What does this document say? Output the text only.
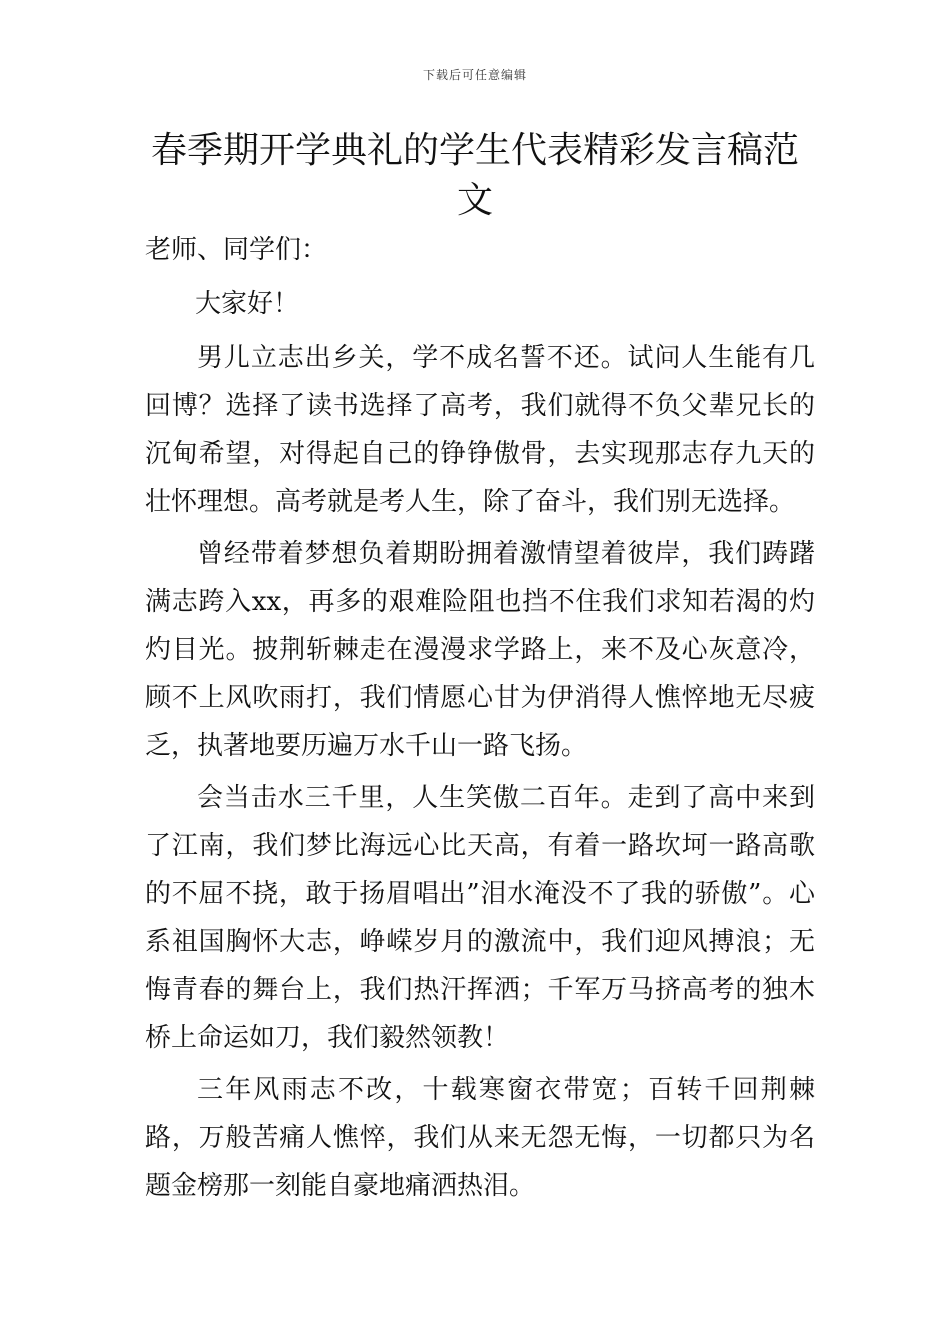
下载后可任意编辑
春季期开学典礼的学生代表精彩发言稿范文

老师、同学们：

大家好！

男儿立志出乡关，学不成名誓不还。试问人生能有几回博？选择了读书选择了高考，我们就得不负父辈兄长的沉甸希望，对得起自己的铮铮傲骨，去实现那志存九天的壮怀理想。高考就是考人生，除了奋斗，我们别无选择。

曾经带着梦想负着期盼拥着激情望着彼岸，我们踌躇满志跨入xx，再多的艰难险阻也挡不住我们求知若渴的灼灼目光。披荆斩棘走在漫漫求学路上，来不及心灰意冷，顾不上风吹雨打，我们情愿心甘为伊消得人憔悴地无尽疲乏，执著地要历遍万水千山一路飞扬。

会当击水三千里，人生笑傲二百年。走到了高中来到了江南，我们梦比海远心比天高，有着一路坎坷一路高歌的不屈不挠，敢于扬眉唱出”泪水淹没不了我的骄傲”。心系祖国胸怀大志，峥嵘岁月的激流中，我们迎风搏浪；无悔青春的舞台上，我们热汗挥洒；千军万马挤高考的独木桥上命运如刀，我们毅然领教！

三年风雨志不改，十载寒窗衣带宽；百转千回荆棘路，万般苦痛人憔悴，我们从来无怨无悔，一切都只为名题金榜那一刻能自豪地痛洒热泪。
